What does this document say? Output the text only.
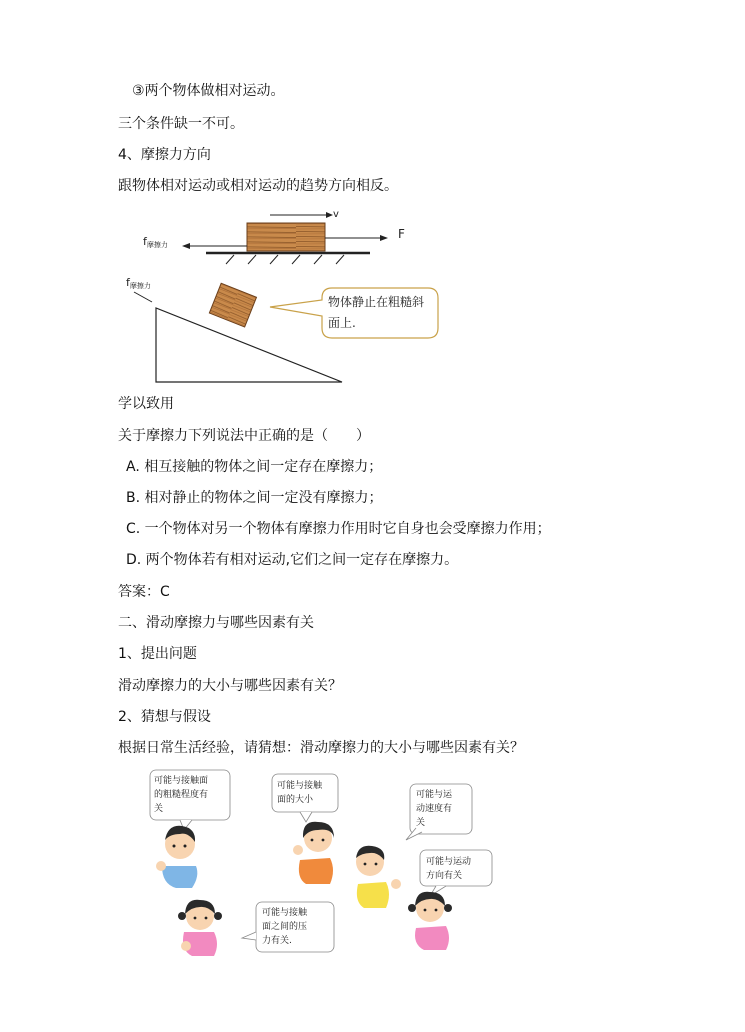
③两个物体做相对运动。
三个条件缺一不可。
4、摩擦力方向
跟物体相对运动或相对运动的趋势方向相反。
v
F
f摩擦力
f摩擦力
物体静止在粗糙斜
面上.
学以致用
关于摩擦力下列说法中正确的是（　　）
A. 相互接触的物体之间一定存在摩擦力；
B. 相对静止的物体之间一定没有摩擦力；
C. 一个物体对另一个物体有摩擦力作用时它自身也会受摩擦力作用；
D. 两个物体若有相对运动,它们之间一定存在摩擦力。
答案：C
二、滑动摩擦力与哪些因素有关
1、提出问题
滑动摩擦力的大小与哪些因素有关？
2、猜想与假设
根据日常生活经验，请猜想：滑动摩擦力的大小与哪些因素有关？
可能与接触面
的粗糙程度有
关
可能与接触
面的大小	可能与运
动速度有
关
可能与运动
方向有关
可能与接触
面之间的压
力有关.
